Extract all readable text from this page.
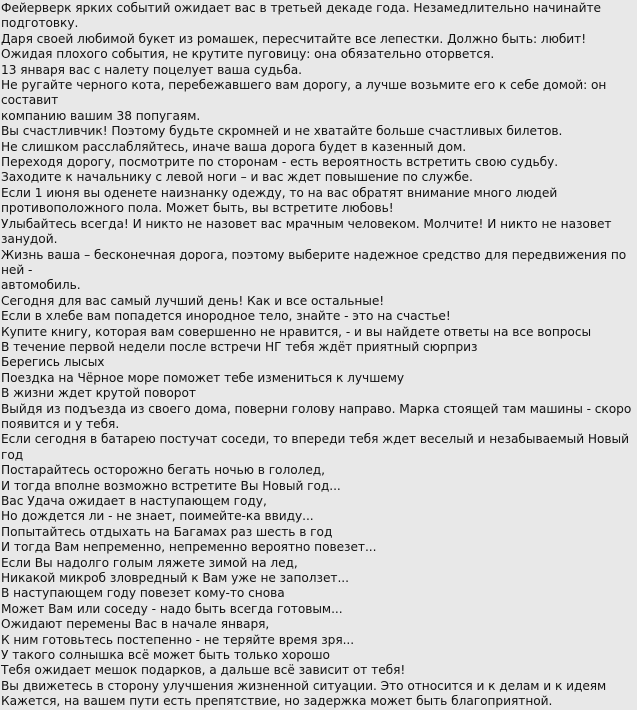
Фейерверк ярких событий ожидает вас в третьей декаде года. Незамедлительно начинайте
подготовку.
Даря своей любимой букет из ромашек, пересчитайте все лепестки. Должно быть: любит!
Ожидая плохого события, не крутите пуговицу: она обязательно оторвется.
13 января вас с налету поцелует ваша судьба.
Не ругайте черного кота, перебежавшего вам дорогу, а лучше возьмите его к себе домой: он составит
компанию вашим 38 попугаям.
Вы счастливчик! Поэтому будьте скромней и не хватайте больше счастливых билетов.
Не слишком расслабляйтесь, иначе ваша дорога будет в казенный дом.
Переходя дорогу, посмотрите по сторонам - есть вероятность встретить свою судьбу.
Заходите к начальнику с левой ноги – и вас ждет повышение по службе.
Если 1 июня вы оденете наизнанку одежду, то на вас обратят внимание много людей
противоположного пола. Может быть, вы встретите любовь!
Улыбайтесь всегда! И никто не назовет вас мрачным человеком. Молчите! И никто не назовет занудой.
Жизнь ваша – бесконечная дорога, поэтому выберите надежное средство для передвижения по ней -
автомобиль.
Сегодня для вас самый лучший день! Как и все остальные!
Если в хлебе вам попадется инородное тело, знайте - это на счастье!
Купите книгу, которая вам совершенно не нравится, - и вы найдете ответы на все вопросы
В течение первой недели после встречи НГ тебя ждёт приятный сюрприз
Берегись лысых
Поездка на Чёрное море поможет тебе измениться к лучшему
В жизни ждет крутой поворот
Выйдя из подъезда из своего дома, поверни голову направо. Марка стоящей там машины - скоро
появится и у тебя.
Если сегодня в батарею постучат соседи, то впереди тебя ждет веселый и незабываемый Новый год
Постарайтесь осторожно бегать ночью в гололед,
И тогда вполне возможно встретите Вы Новый год...
Вас Удача ожидает в наступающем году,
Но дождется ли - не знает, поимейте-ка ввиду...
Попытайтесь отдыхать на Багамах раз шесть в год
И тогда Вам непременно, непременно вероятно повезет...
Если Вы надолго голым ляжете зимой на лед,
Никакой микроб зловредный к Вам уже не заползет...
В наступающем году повезет кому-то снова
Может Вам или соседу - надо быть всегда готовым...
Ожидают перемены Вас в начале января,
К ним готовьтесь постепенно - не теряйте время зря...
У такого солнышка всё может быть только хорошо
Тебя ожидает мешок подарков, а дальше всё зависит от тебя!
Вы движетесь в сторону улучшения жизненной ситуации. Это относится и к делам и к идеям
Кажется, на вашем пути есть препятствие, но задержка может быть благоприятной.
